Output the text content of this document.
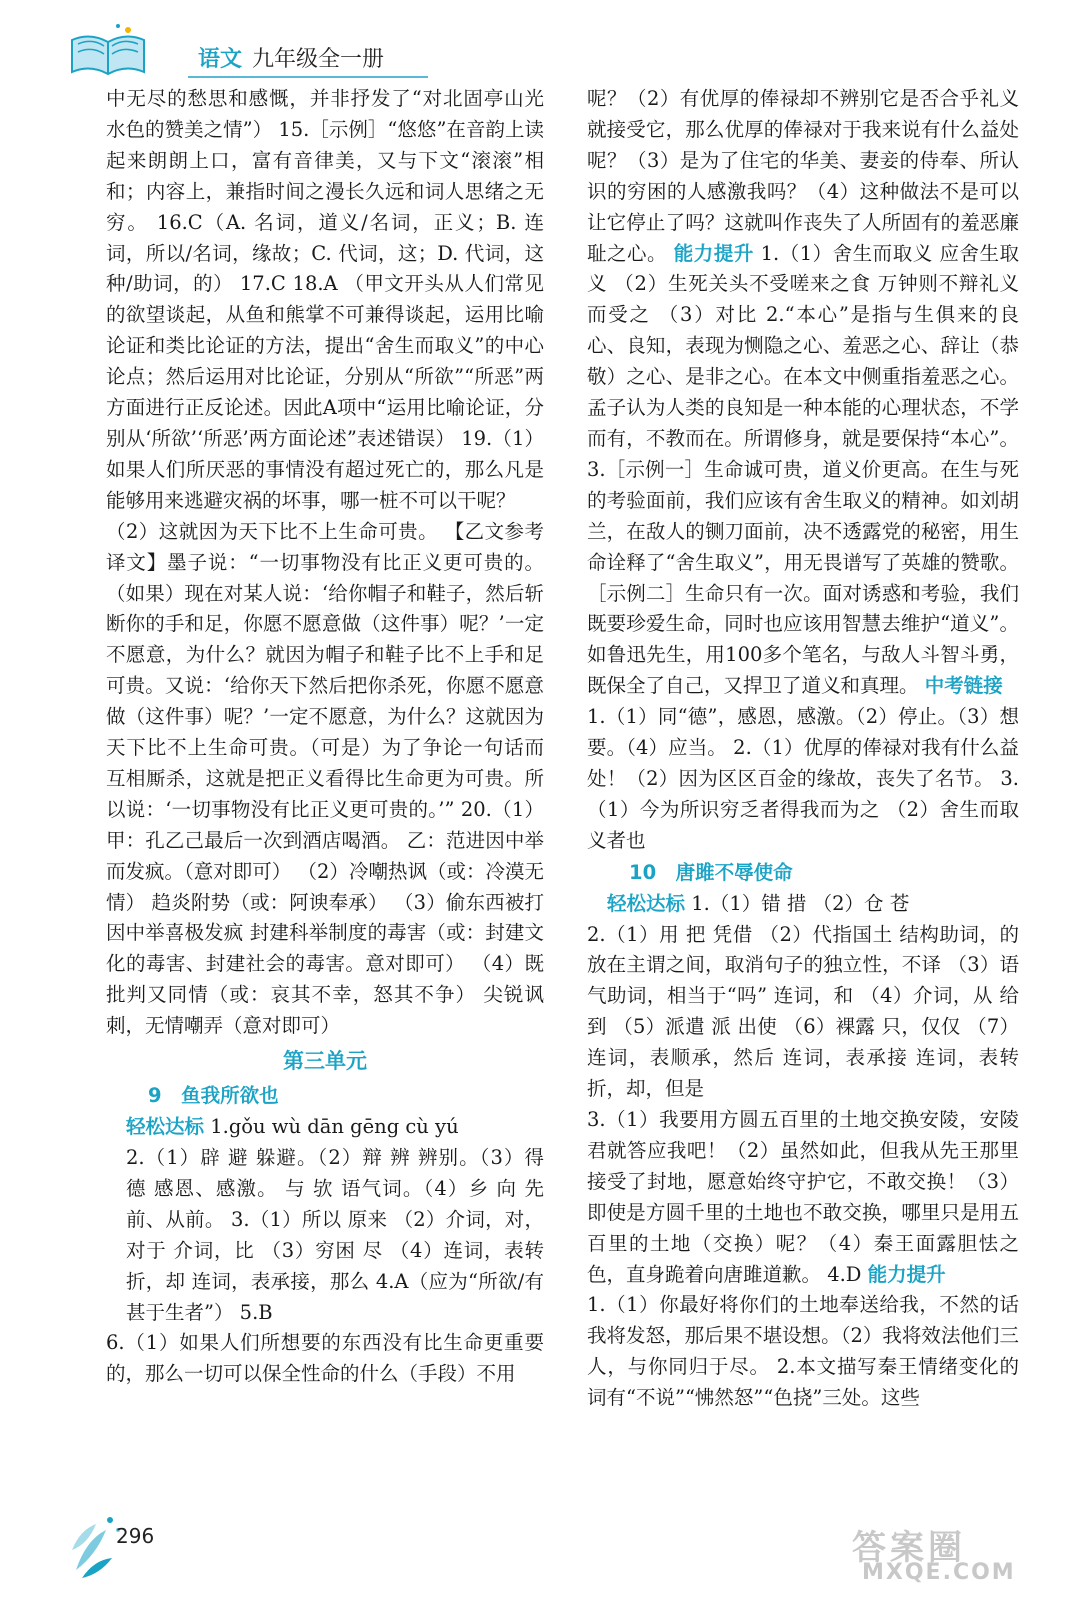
语文 九年级全一册

中无尽的愁思和感慨，并非抒发了“对北固亭山光水色的赞美之情”） 15.［示例］“悠悠”在音韵上读起来朗朗上口，富有音律美，又与下文“滚滚”相和；内容上，兼指时间之漫长久远和词人思绪之无穷。 16.C（A. 名词，道义/名词，正义；B. 连词，所以/名词，缘故；C. 代词，这；D. 代词，这种/助词，的） 17.C 18.A （甲文开头从人们常见的欲望谈起，从鱼和熊掌不可兼得谈起，运用比喻论证和类比论证的方法，提出“舍生而取义”的中心论点；然后运用对比论证，分别从“所欲”“所恶”两方面进行正反论述。因此A项中“运用比喻论证，分别从‘所欲’‘所恶’两方面论述”表述错误） 19.（1）如果人们所厌恶的事情没有超过死亡的，那么凡是能够用来逃避灾祸的坏事，哪一桩不可以干呢？

（2）这就因为天下比不上生命可贵。 【乙文参考译文】墨子说：“一切事物没有比正义更可贵的。（如果）现在对某人说：‘给你帽子和鞋子，然后斩断你的手和足，你愿不愿意做（这件事）呢？’一定不愿意，为什么？就因为帽子和鞋子比不上手和足可贵。又说：‘给你天下然后把你杀死，你愿不愿意做（这件事）呢？’一定不愿意，为什么？这就因为天下比不上生命可贵。（可是）为了争论一句话而互相厮杀，这就是把正义看得比生命更为可贵。所以说：‘一切事物没有比正义更可贵的。’” 20.（1）甲：孔乙己最后一次到酒店喝酒。 乙：范进因中举而发疯。（意对即可） （2）冷嘲热讽（或：冷漠无情） 趋炎附势（或：阿谀奉承） （3）偷东西被打 因中举喜极发疯 封建科举制度的毒害（或：封建文化的毒害、封建社会的毒害。意对即可） （4）既批判又同情（或：哀其不幸，怒其不争） 尖锐讽刺，无情嘲弄（意对即可）

第三单元
9　鱼我所欲也

轻松达标 1.gǒu wù dān gēng cù yú

2.（1）辟 避 躲避。（2）辩 辨 辨别。（3）得 德 感恩、感激。 与 欤 语气词。（4）乡 向 先前、从前。 3.（1）所以 原来 （2）介词，对，对于 介词，比 （3）穷困 尽 （4）连词，表转折，却 连词，表承接，那么 4.A（应为“所欲/有甚于生者”） 5.B

6.（1）如果人们所想要的东西没有比生命更重要的，那么一切可以保全性命的什么（手段）不用

呢？（2）有优厚的俸禄却不辨别它是否合乎礼义就接受它，那么优厚的俸禄对于我来说有什么益处呢？（3）是为了住宅的华美、妻妾的侍奉、所认识的穷困的人感激我吗？（4）这种做法不是可以让它停止了吗？这就叫作丧失了人所固有的羞恶廉耻之心。 能力提升 1.（1）舍生而取义 应舍生取义 （2）生死关头不受嗟来之食 万钟则不辩礼义而受之 （3）对比 2.“本心”是指与生俱来的良心、良知，表现为恻隐之心、羞恶之心、辞让（恭敬）之心、是非之心。在本文中侧重指羞恶之心。孟子认为人类的良知是一种本能的心理状态，不学而有，不教而在。所谓修身，就是要保持“本心”。 3.［示例一］生命诚可贵，道义价更高。在生与死的考验面前，我们应该有舍生取义的精神。如刘胡兰，在敌人的铡刀面前，决不透露党的秘密，用生命诠释了“舍生取义”，用无畏谱写了英雄的赞歌。［示例二］生命只有一次。面对诱惑和考验，我们既要珍爱生命，同时也应该用智慧去维护“道义”。如鲁迅先生，用100多个笔名，与敌人斗智斗勇，既保全了自己，又捍卫了道义和真理。 中考链接

1.（1）同“德”，感恩，感激。（2）停止。（3）想要。（4）应当。 2.（1）优厚的俸禄对我有什么益处！（2）因为区区百金的缘故，丧失了名节。 3.（1）今为所识穷乏者得我而为之 （2）舍生而取义者也

10　唐雎不辱使命

轻松达标 1.（1）错 措 （2）仓 苍

2.（1）用 把 凭借 （2）代指国土 结构助词，的 放在主谓之间，取消句子的独立性，不译 （3）语气助词，相当于“吗” 连词，和 （4）介词，从 给 到 （5）派遣 派 出使 （6）裸露 只，仅仅 （7）连词，表顺承，然后 连词，表承接 连词，表转折，却，但是

3.（1）我要用方圆五百里的土地交换安陵，安陵君就答应我吧！（2）虽然如此，但我从先王那里接受了封地，愿意始终守护它，不敢交换！（3）即使是方圆千里的土地也不敢交换，哪里只是用五百里的土地（交换）呢？（4）秦王面露胆怯之色，直身跪着向唐雎道歉。 4.D 能力提升

1.（1）你最好将你们的土地奉送给我，不然的话我将发怒，那后果不堪设想。（2）我将效法他们三人，与你同归于尽。 2.本文描写秦王情绪变化的词有“不说”“怫然怒”“色挠”三处。这些

296	答案圈
MXQE.COM
